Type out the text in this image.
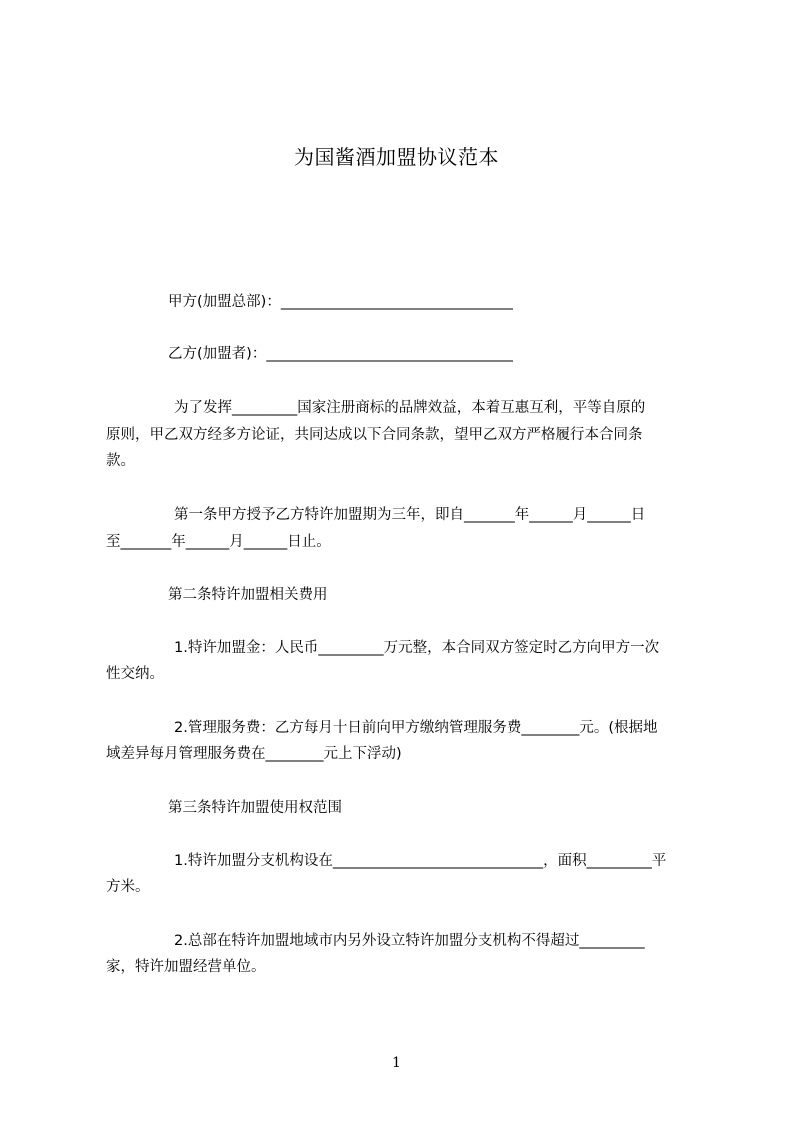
为国酱酒加盟协议范本
甲方(加盟总部)：________________________________
乙方(加盟者)：__________________________________
为了发挥_________国家注册商标的品牌效益，本着互惠互利，平等自原的
原则，甲乙双方经多方论证，共同达成以下合同条款，望甲乙双方严格履行本合同条
款。
第一条甲方授予乙方特许加盟期为三年，即自_______年______月______日
至_______年______月______日止。
第二条特许加盟相关费用
1.特许加盟金：人民币_________万元整，本合同双方签定时乙方向甲方一次
性交纳。
2.管理服务费：乙方每月十日前向甲方缴纳管理服务费________元。(根据地
域差异每月管理服务费在________元上下浮动)
第三条特许加盟使用权范围
1.特许加盟分支机构设在_____________________________，面积_________平
方米。
2.总部在特许加盟地域市内另外设立特许加盟分支机构不得超过_________
家，特许加盟经营单位。
1
